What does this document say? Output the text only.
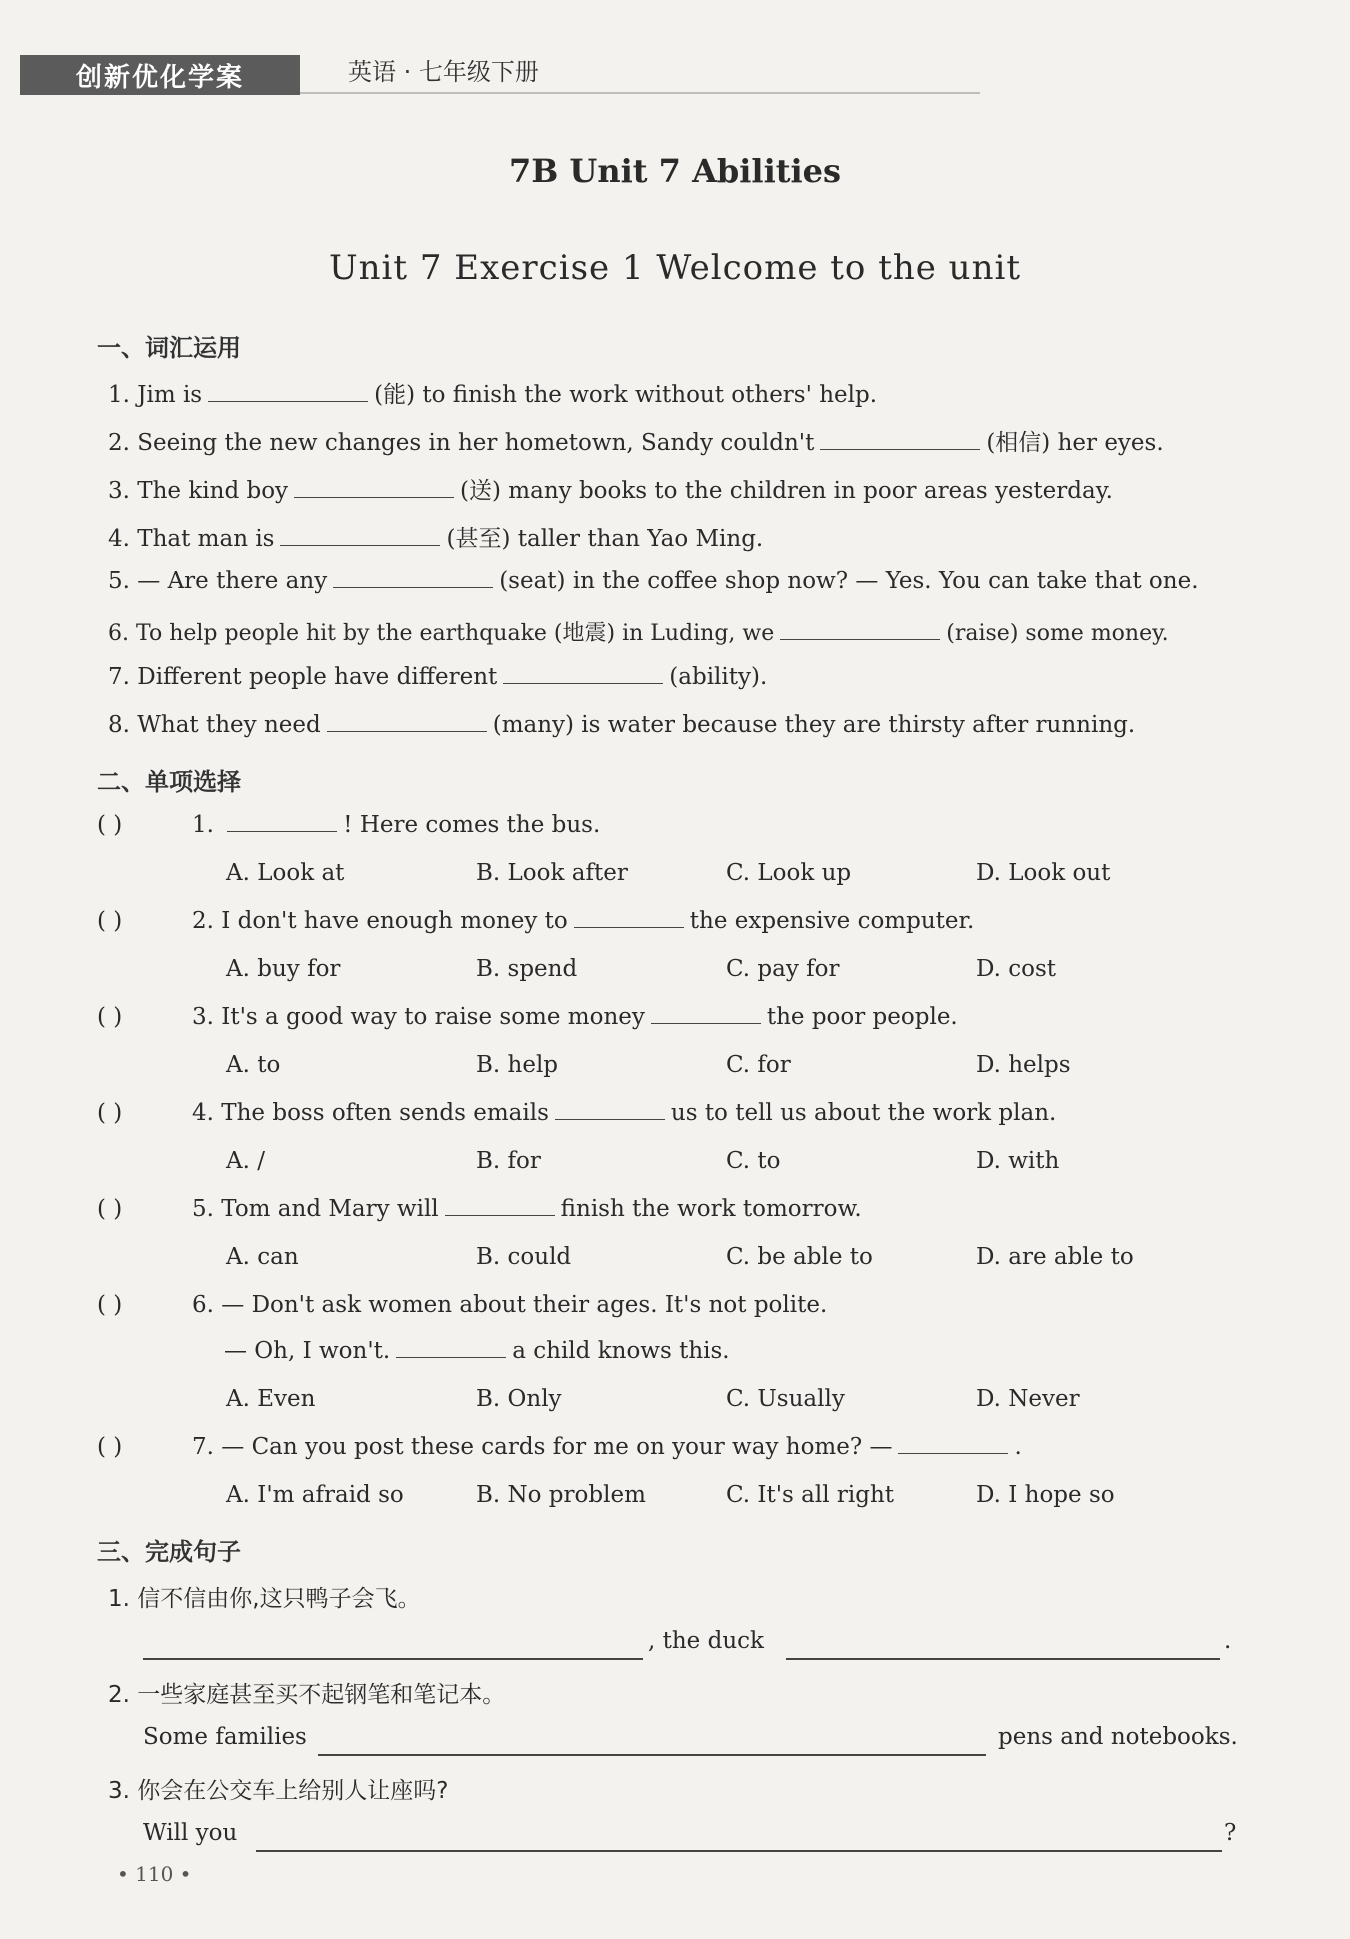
创新优化学案	英语 · 七年级下册
7B Unit 7 Abilities
Unit 7 Exercise 1 Welcome to the unit
一、词汇运用
1. Jim is	(能) to finish the work without others' help.
2. Seeing the new changes in her hometown, Sandy couldn't	(相信) her eyes.
3. The kind boy	(送) many books to the children in poor areas yesterday.
4. That man is	(甚至) taller than Yao Ming.
5. — Are there any	(seat) in the coffee shop now? — Yes. You can take that one.
6. To help people hit by the earthquake (地震) in Luding, we	(raise) some money.
7. Different people have different	(ability).
8. What they need	(many) is water because they are thirsty after running.
二、单项选择
( )	1.	! Here comes the bus.
A. Look at	B. Look after	C. Look up	D. Look out
( )	2. I don't have enough money to	the expensive computer.
A. buy for	B. spend	C. pay for	D. cost
( )	3. It's a good way to raise some money	the poor people.
A. to	B. help	C. for	D. helps
( )	4. The boss often sends emails	us to tell us about the work plan.
A. /	B. for	C. to	D. with
( )	5. Tom and Mary will	finish the work tomorrow.
A. can	B. could	C. be able to	D. are able to
( )	6. — Don't ask women about their ages. It's not polite.
— Oh, I won't.	a child knows this.
A. Even	B. Only	C. Usually	D. Never
( )	7. — Can you post these cards for me on your way home? —	.
A. I'm afraid so	B. No problem	C. It's all right	D. I hope so
三、完成句子
1. 信不信由你,这只鸭子会飞。
, the duck	.
2. 一些家庭甚至买不起钢笔和笔记本。
Some families	pens and notebooks.
3. 你会在公交车上给别人让座吗?
Will you	?
• 110 •
